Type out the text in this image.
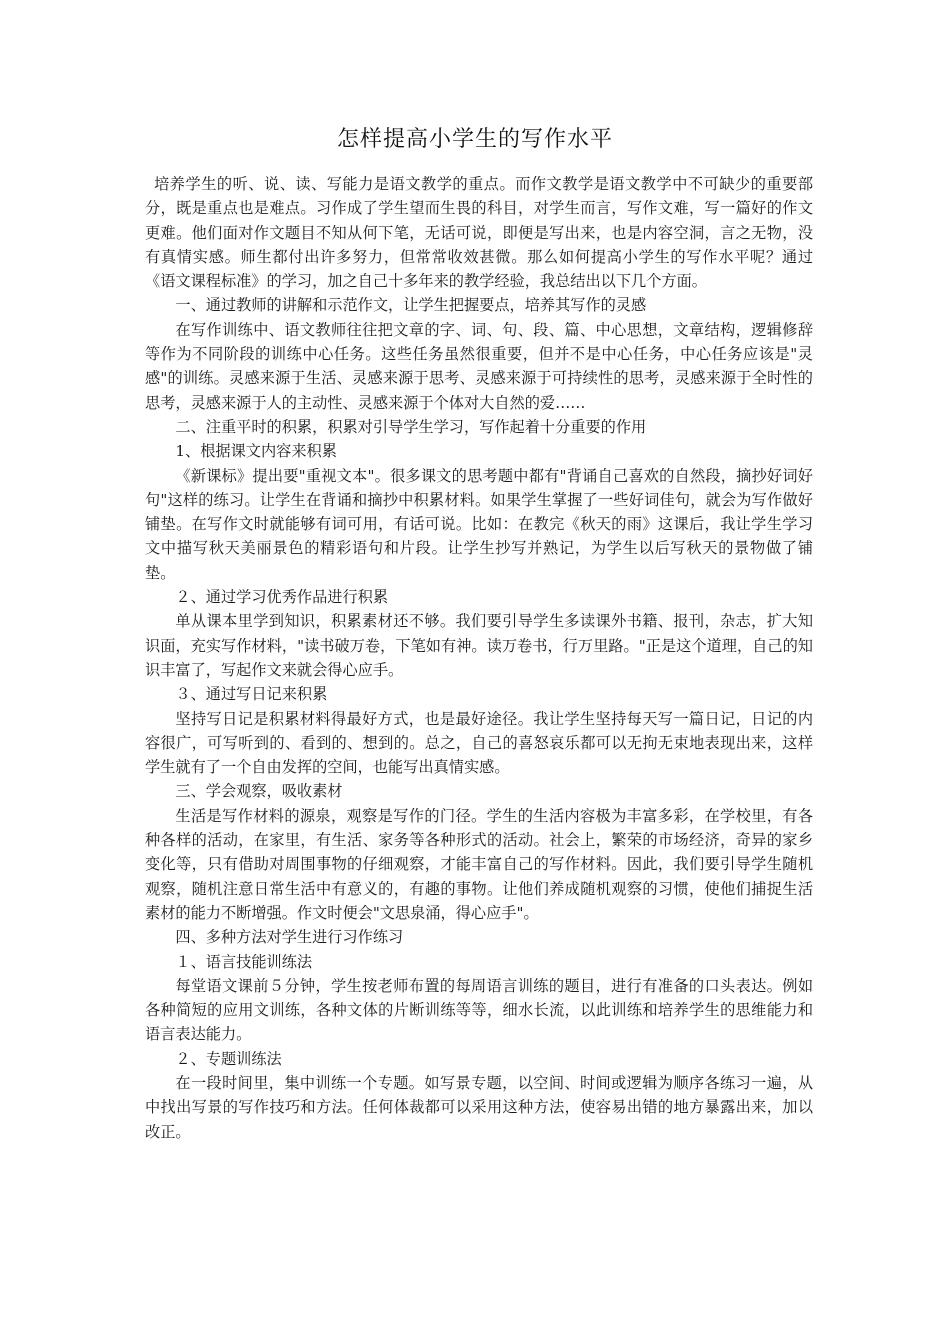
怎样提高小学生的写作水平

培养学生的听、说、读、写能力是语文教学的重点。而作文教学是语文教学中不可缺少的重要部分，既是重点也是难点。习作成了学生望而生畏的科目，对学生而言，写作文难，写一篇好的作文更难。他们面对作文题目不知从何下笔，无话可说，即便是写出来，也是内容空洞，言之无物，没有真情实感。师生都付出许多努力，但常常收效甚微。那么如何提高小学生的写作水平呢？通过《语文课程标准》的学习，加之自己十多年来的教学经验，我总结出以下几个方面。

一、通过教师的讲解和示范作文，让学生把握要点，培养其写作的灵感

在写作训练中、语文教师往往把文章的字、词、句、段、篇、中心思想，文章结构，逻辑修辞等作为不同阶段的训练中心任务。这些任务虽然很重要，但并不是中心任务，中心任务应该是"灵感"的训练。灵感来源于生活、灵感来源于思考、灵感来源于可持续性的思考，灵感来源于全时性的思考，灵感来源于人的主动性、灵感来源于个体对大自然的爱……

二、注重平时的积累，积累对引导学生学习，写作起着十分重要的作用

1、根据课文内容来积累

《新课标》提出要"重视文本"。很多课文的思考题中都有"背诵自己喜欢的自然段，摘抄好词好句"这样的练习。让学生在背诵和摘抄中积累材料。如果学生掌握了一些好词佳句，就会为写作做好铺垫。在写作文时就能够有词可用，有话可说。比如：在教完《秋天的雨》这课后，我让学生学习文中描写秋天美丽景色的精彩语句和片段。让学生抄写并熟记，为学生以后写秋天的景物做了铺垫。

２、通过学习优秀作品进行积累

单从课本里学到知识，积累素材还不够。我们要引导学生多读课外书籍、报刊，杂志，扩大知识面，充实写作材料，"读书破万卷，下笔如有神。读万卷书，行万里路。"正是这个道理，自己的知识丰富了，写起作文来就会得心应手。

３、通过写日记来积累

坚持写日记是积累材料得最好方式，也是最好途径。我让学生坚持每天写一篇日记，日记的内容很广，可写听到的、看到的、想到的。总之，自己的喜怒哀乐都可以无拘无束地表现出来，这样学生就有了一个自由发挥的空间，也能写出真情实感。

三、学会观察，吸收素材

生活是写作材料的源泉，观察是写作的门径。学生的生活内容极为丰富多彩，在学校里，有各种各样的活动，在家里，有生活、家务等各种形式的活动。社会上，繁荣的市场经济，奇异的家乡变化等，只有借助对周围事物的仔细观察，才能丰富自己的写作材料。因此，我们要引导学生随机观察，随机注意日常生活中有意义的，有趣的事物。让他们养成随机观察的习惯，使他们捕捉生活素材的能力不断增强。作文时便会"文思泉涌，得心应手"。

四、多种方法对学生进行习作练习

１、语言技能训练法

每堂语文课前５分钟，学生按老师布置的每周语言训练的题目，进行有准备的口头表达。例如各种简短的应用文训练，各种文体的片断训练等等，细水长流，以此训练和培养学生的思维能力和语言表达能力。

２、专题训练法

在一段时间里，集中训练一个专题。如写景专题，以空间、时间或逻辑为顺序各练习一遍，从中找出写景的写作技巧和方法。任何体裁都可以采用这种方法，使容易出错的地方暴露出来，加以改正。
